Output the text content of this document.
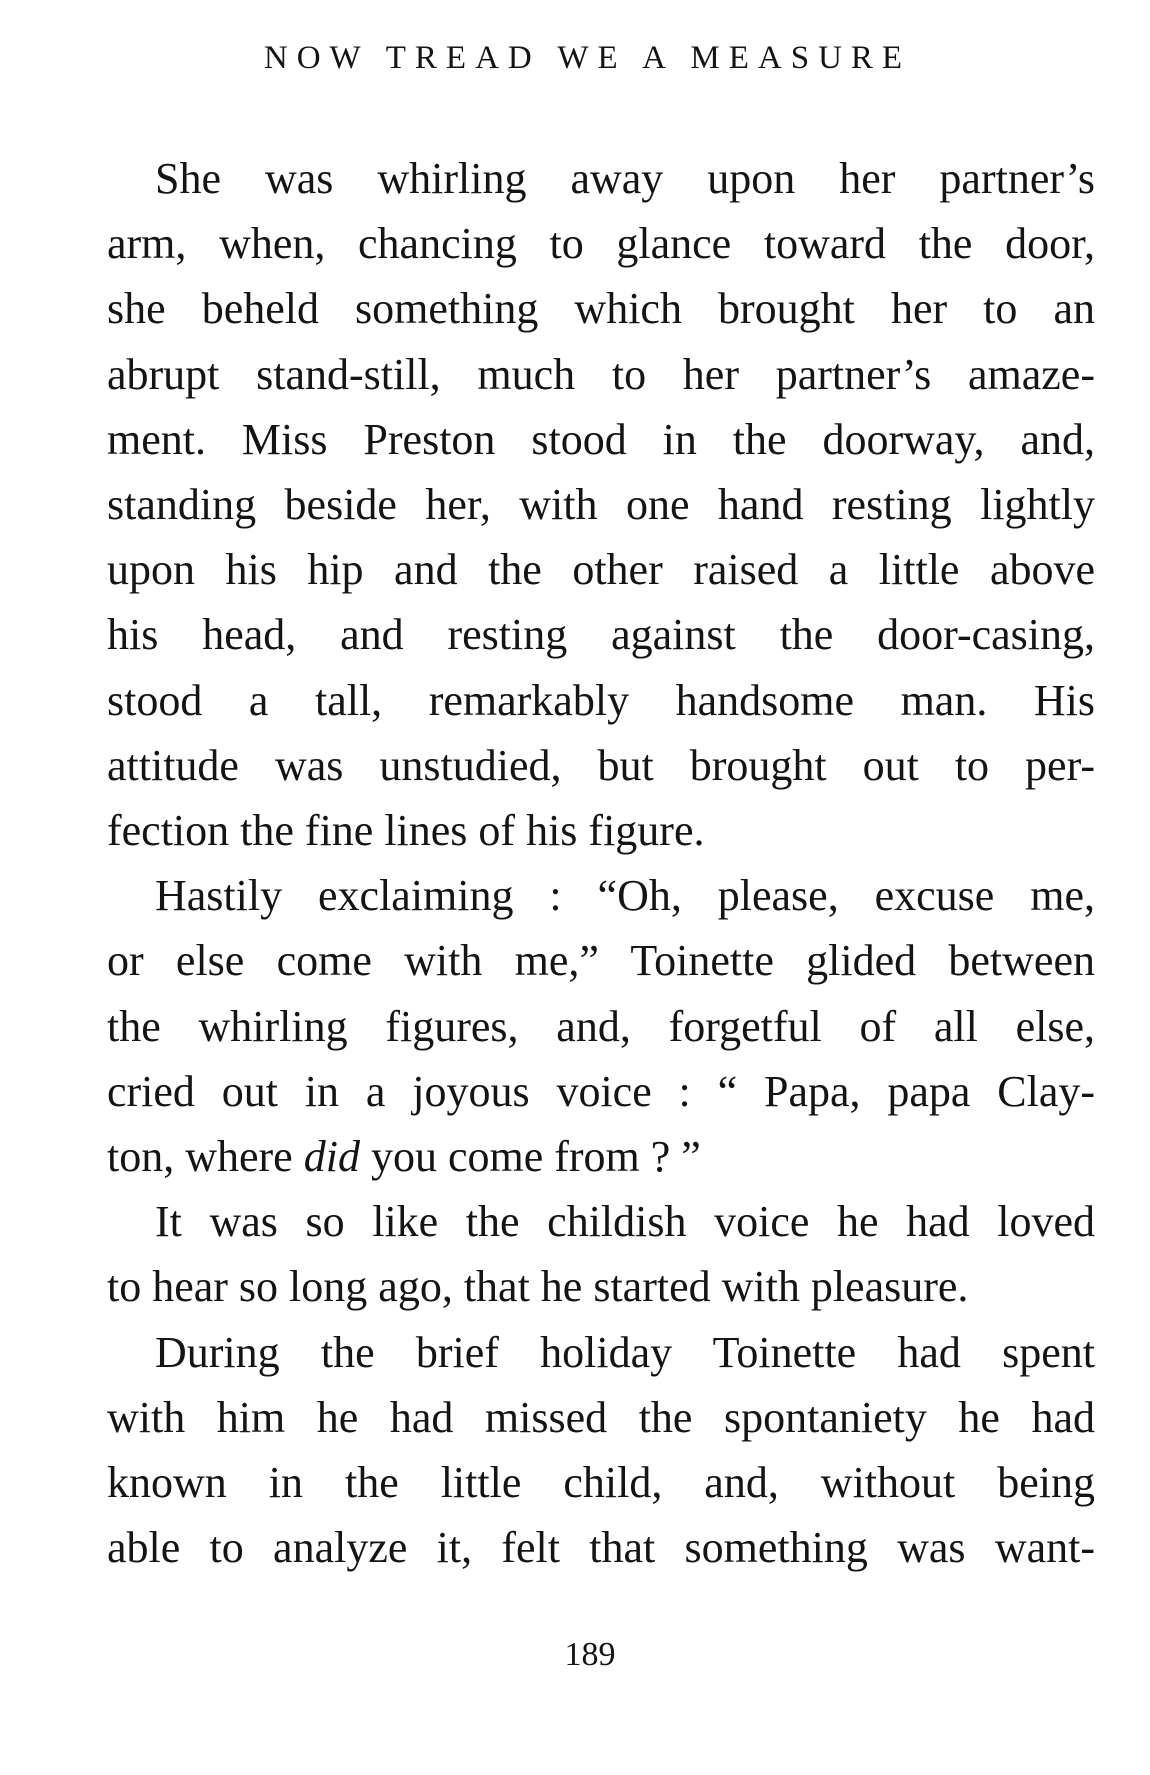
NOW TREAD WE A MEASURE

She was whirling away upon her partner’s
arm, when, chancing to glance toward the door,
she beheld something which brought her to an
abrupt stand-still, much to her partner’s amaze-
ment. Miss Preston stood in the doorway, and,
standing beside her, with one hand resting lightly
upon his hip and the other raised a little above
his head, and resting against the door-casing,
stood a tall, remarkably handsome man. His
attitude was unstudied, but brought out to per-
fection the fine lines of his figure.

Hastily exclaiming : “Oh, please, excuse me,
or else come with me,” Toinette glided between
the whirling figures, and, forgetful of all else,
cried out in a joyous voice : “ Papa, papa Clay-
ton, where did you come from ? ”

It was so like the childish voice he had loved
to hear so long ago, that he started with pleasure.

During the brief holiday Toinette had spent
with him he had missed the spontaniety he had
known in the little child, and, without being
able to analyze it, felt that something was want-

189
